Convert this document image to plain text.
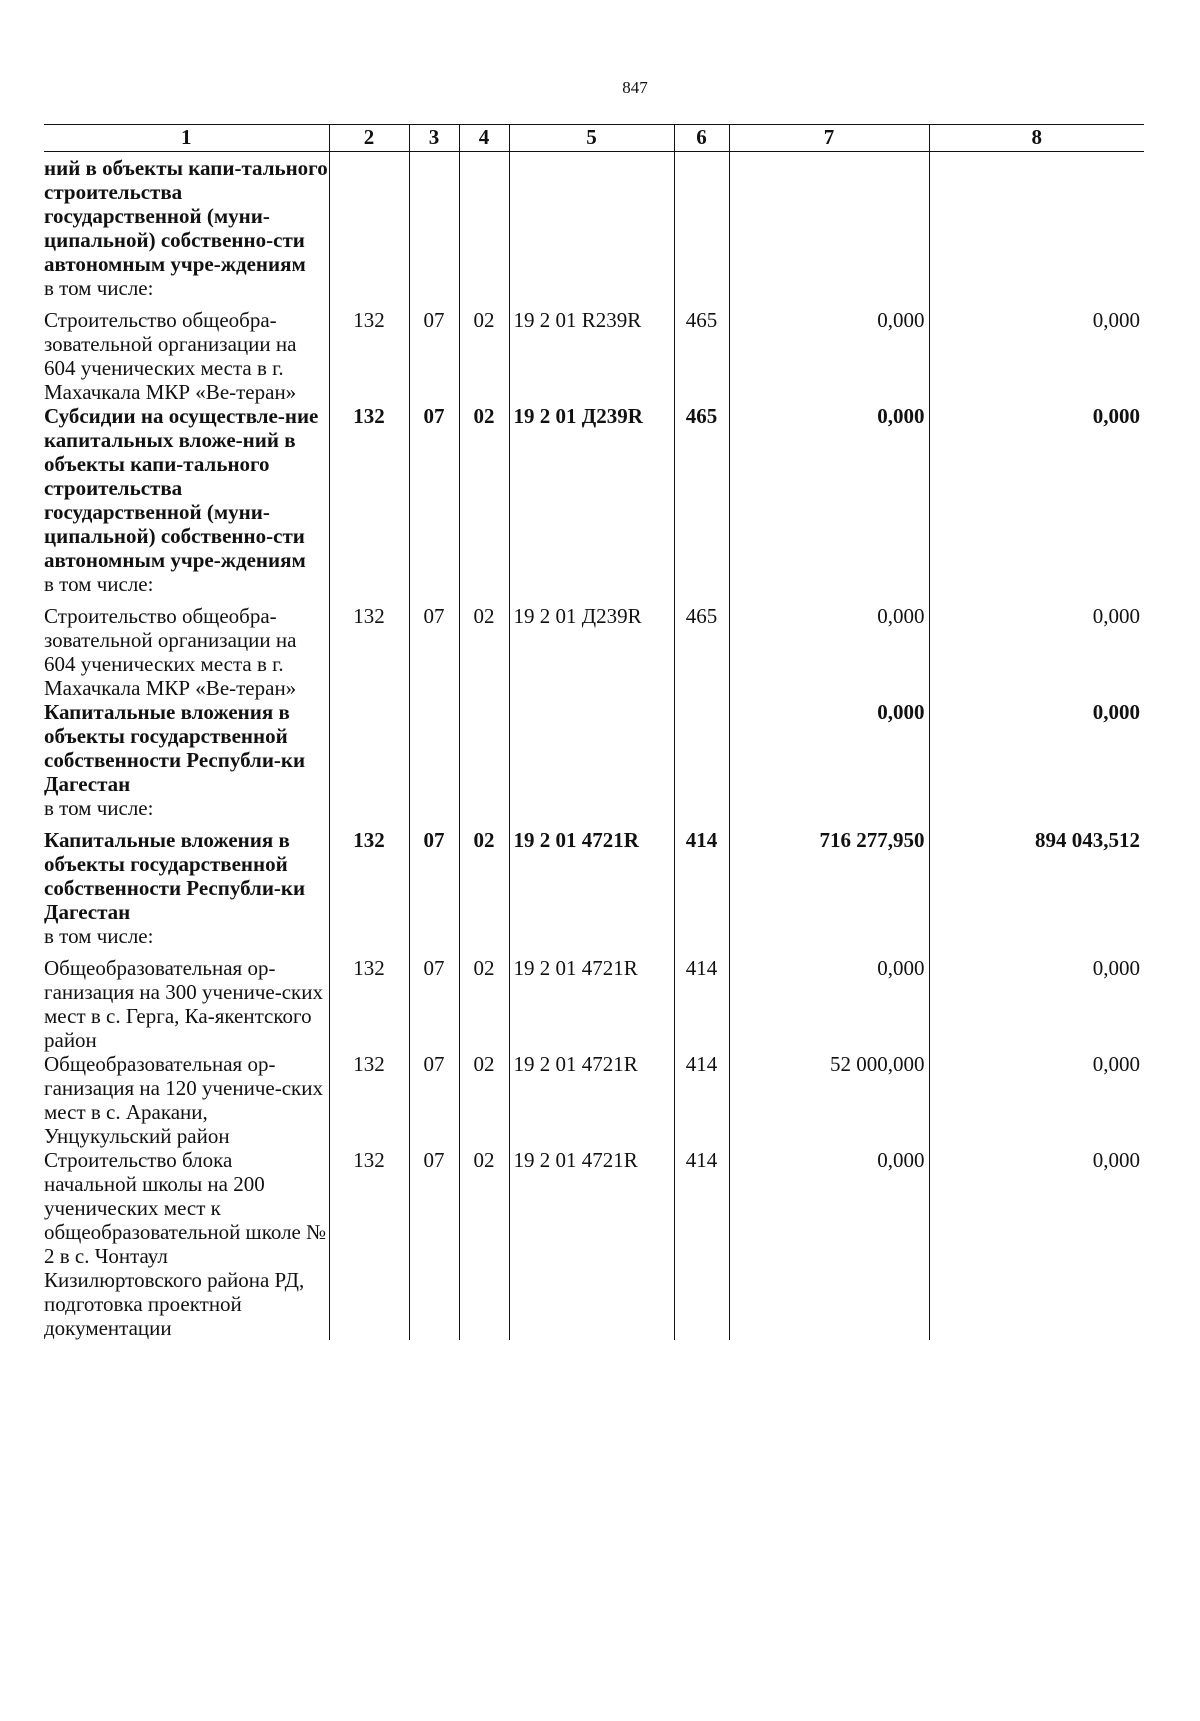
847
1	2	3	4	5	6	7	8
ний в объекты капи-тального строительства государственной (муни-ципальной) собственно-сти автономным учре-ждениям							
в том числе:							
Строительство общеобра-зовательной организации на 604 ученических места в г. Махачкала МКР «Ве-теран»	132	07	02	19 2 01 R239R	465	0,000	0,000
Субсидии на осуществле-ние капитальных вложе-ний в объекты капи-тального строительства государственной (муни-ципальной) собственно-сти автономным учре-ждениям	132	07	02	19 2 01 Д239R	465	0,000	0,000
в том числе:							
Строительство общеобра-зовательной организации на 604 ученических места в г. Махачкала МКР «Ве-теран»	132	07	02	19 2 01 Д239R	465	0,000	0,000
Капитальные вложения в объекты государственной собственности Республи-ки Дагестан						0,000	0,000
в том числе:							
Капитальные вложения в объекты государственной собственности Республи-ки Дагестан	132	07	02	19 2 01 4721R	414	716 277,950	894 043,512
в том числе:							
Общеобразовательная ор-ганизация на 300 учениче-ских мест в с. Герга, Ка-якентского район	132	07	02	19 2 01 4721R	414	0,000	0,000
Общеобразовательная ор-ганизация на 120 учениче-ских мест в с. Аракани, Унцукульский район	132	07	02	19 2 01 4721R	414	52 000,000	0,000
Строительство блока начальной школы на 200 ученических мест к общеобразовательной школе № 2 в с. Чонтаул Кизилюртовского района РД, подготовка проектной документации	132	07	02	19 2 01 4721R	414	0,000	0,000
